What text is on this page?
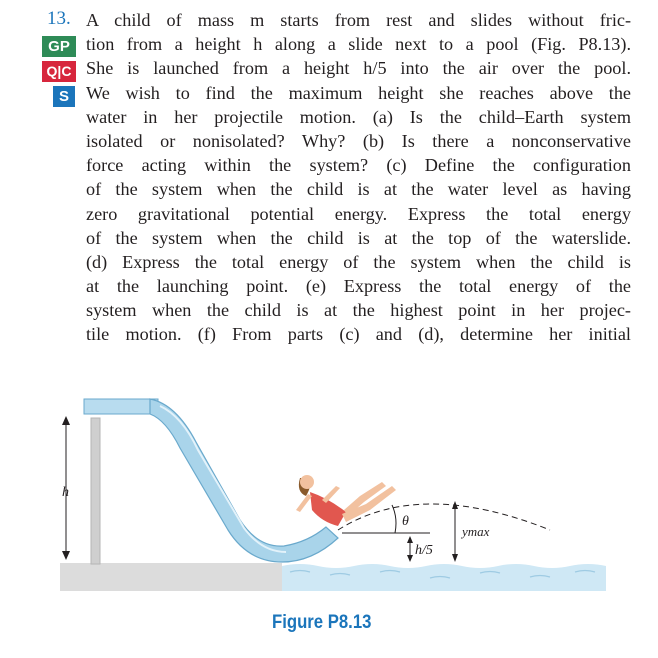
13.
GP
Q|C
S
A child of mass m starts from rest and slides without fric-
tion from a height h along a slide next to a pool (Fig. P8.13).
She is launched from a height h/5 into the air over the pool.
We wish to find the maximum height she reaches above the
water in her projectile motion. (a) Is the child–Earth system
isolated or nonisolated? Why? (b) Is there a nonconservative
force acting within the system? (c) Define the configuration
of the system when the child is at the water level as having
zero gravitational potential energy. Express the total energy
of the system when the child is at the top of the waterslide.
(d) Express the total energy of the system when the child is
at the launching point. (e) Express the total energy of the
system when the child is at the highest point in her projec-
tile motion. (f) From parts (c) and (d), determine her initial
h
θ
h/5
ymax
Figure P8.13
